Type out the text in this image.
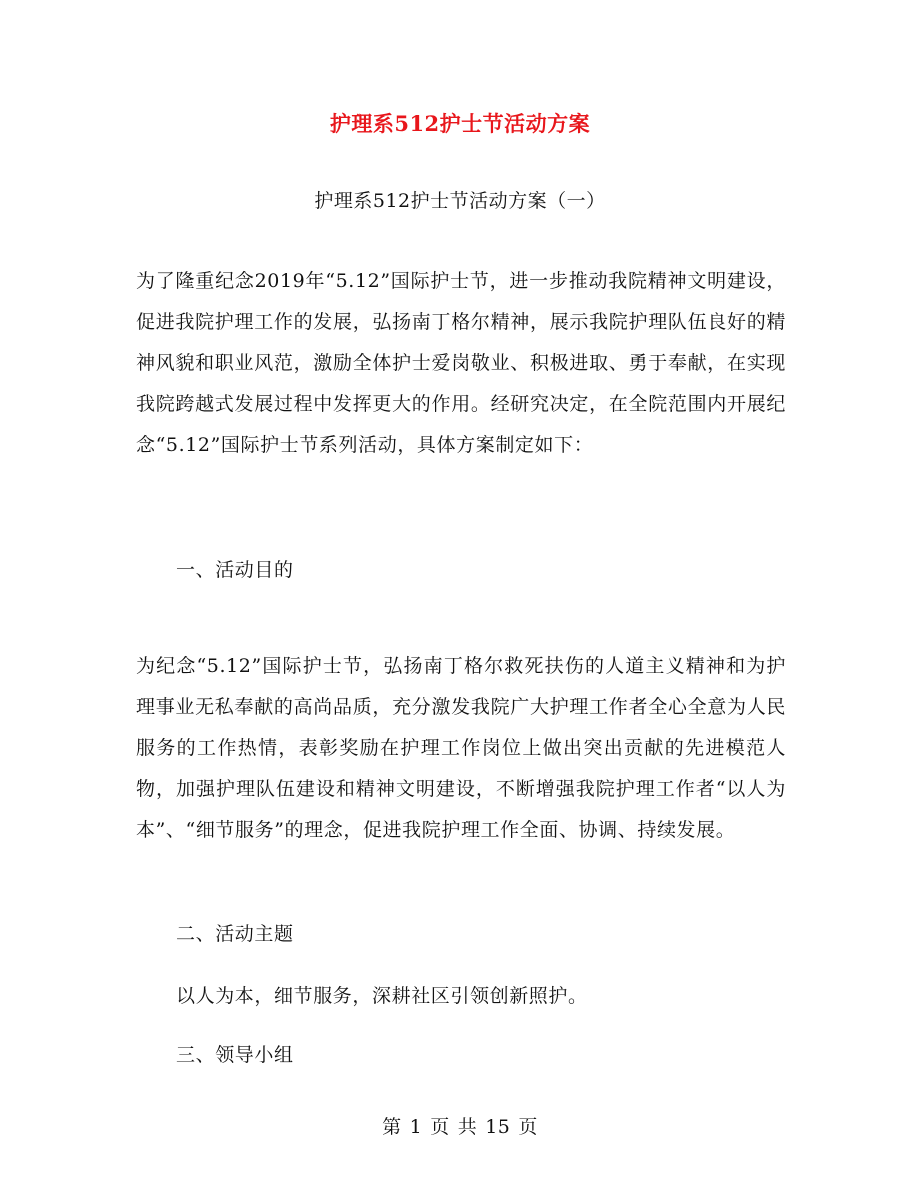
护理系512护士节活动方案
护理系512护士节活动方案（一）

为了隆重纪念2019年“5.12”国际护士节，进一步推动我院精神文明建设，促进我院护理工作的发展，弘扬南丁格尔精神，展示我院护理队伍良好的精神风貌和职业风范，激励全体护士爱岗敬业、积极进取、勇于奉献，在实现我院跨越式发展过程中发挥更大的作用。经研究决定，在全院范围内开展纪念“5.12”国际护士节系列活动，具体方案制定如下：

一、活动目的

为纪念“5.12”国际护士节，弘扬南丁格尔救死扶伤的人道主义精神和为护理事业无私奉献的高尚品质，充分激发我院广大护理工作者全心全意为人民服务的工作热情，表彰奖励在护理工作岗位上做出突出贡献的先进模范人物，加强护理队伍建设和精神文明建设，不断增强我院护理工作者“以人为本”、“细节服务”的理念，促进我院护理工作全面、协调、持续发展。

二、活动主题
以人为本，细节服务，深耕社区引领创新照护。
三、领导小组
第 1 页 共 15 页
